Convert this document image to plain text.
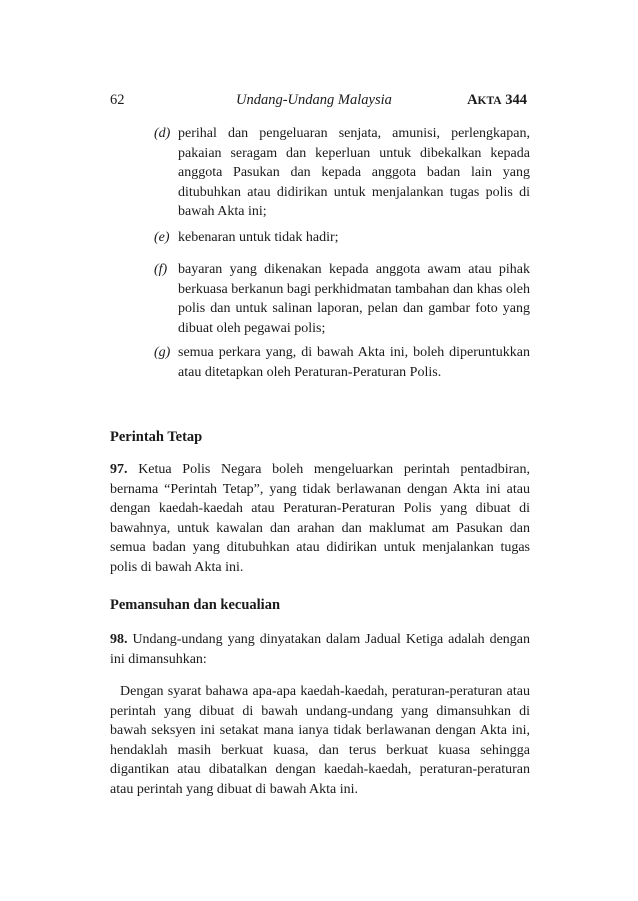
62	Undang-Undang Malaysia	AKTA 344
(d) perihal dan pengeluaran senjata, amunisi, perlengkapan, pakaian seragam dan keperluan untuk dibekalkan kepada anggota Pasukan dan kepada anggota badan lain yang ditubuhkan atau didirikan untuk menjalankan tugas polis di bawah Akta ini;
(e) kebenaran untuk tidak hadir;
(f) bayaran yang dikenakan kepada anggota awam atau pihak berkuasa berkanun bagi perkhidmatan tambahan dan khas oleh polis dan untuk salinan laporan, pelan dan gambar foto yang dibuat oleh pegawai polis;
(g) semua perkara yang, di bawah Akta ini, boleh diperuntukkan atau ditetapkan oleh Peraturan-Peraturan Polis.
Perintah Tetap
97. Ketua Polis Negara boleh mengeluarkan perintah pentadbiran, bernama “Perintah Tetap”, yang tidak berlawanan dengan Akta ini atau dengan kaedah-kaedah atau Peraturan-Peraturan Polis yang dibuat di bawahnya, untuk kawalan dan arahan dan maklumat am Pasukan dan semua badan yang ditubuhkan atau didirikan untuk menjalankan tugas polis di bawah Akta ini.
Pemansuhan dan kecualian
98. Undang-undang yang dinyatakan dalam Jadual Ketiga adalah dengan ini dimansuhkan:
Dengan syarat bahawa apa-apa kaedah-kaedah, peraturan-peraturan atau perintah yang dibuat di bawah undang-undang yang dimansuhkan di bawah seksyen ini setakat mana ianya tidak berlawanan dengan Akta ini, hendaklah masih berkuat kuasa, dan terus berkuat kuasa sehingga digantikan atau dibatalkan dengan kaedah-kaedah, peraturan-peraturan atau perintah yang dibuat di bawah Akta ini.
